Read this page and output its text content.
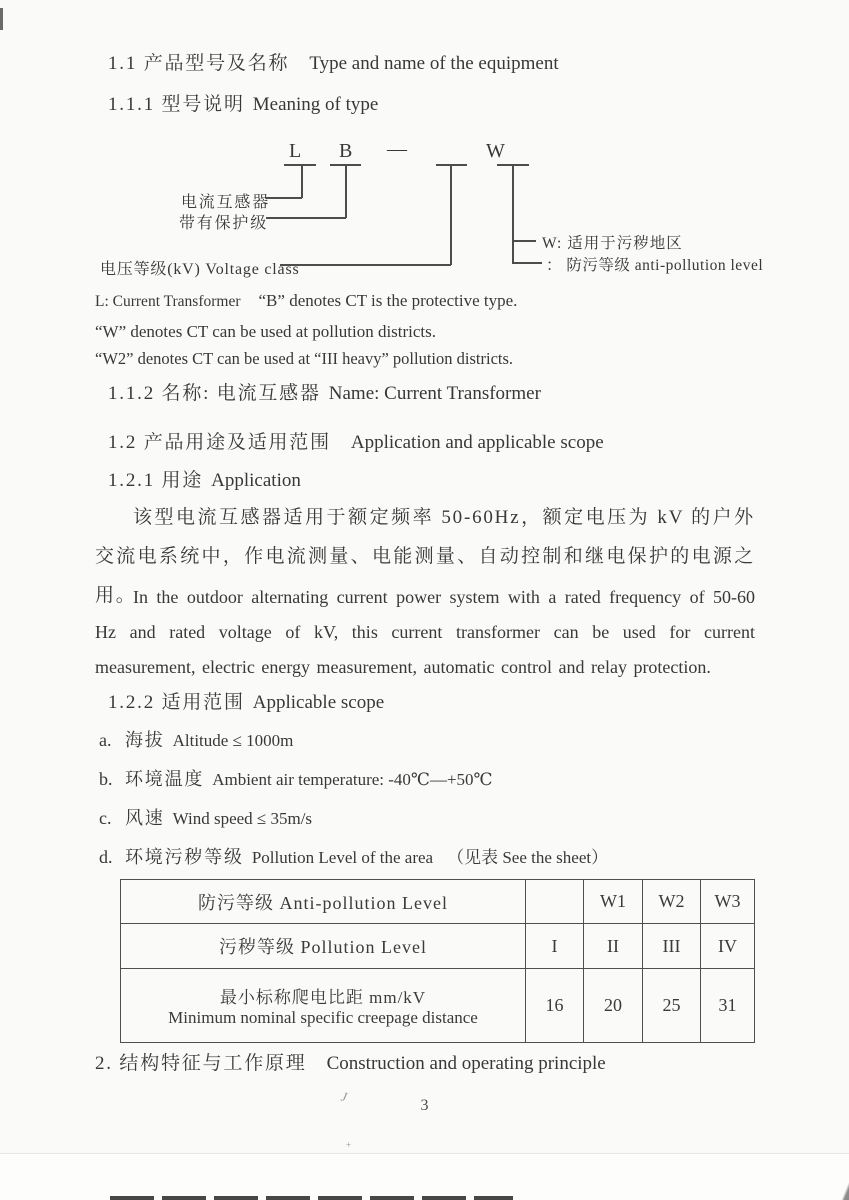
+
J
1.1 产品型号及名称 Type and name of the equipment
1.1.1 型号说明 Meaning of type
L B —	W
电流互感器
带有保护级
电压等级(kV) Voltage class
W: 适用于污秽地区
： 防污等级 anti-pollution level
L: Current Transformer “B” denotes CT is the protective type.
“W” denotes CT can be used at pollution districts.
“W2” denotes CT can be used at “III heavy” pollution districts.
1.1.2 名称: 电流互感器 Name: Current Transformer
1.2 产品用途及适用范围 Application and applicable scope
1.2.1 用途 Application
该型电流互感器适用于额定频率 50-60Hz，额定电压为 kV 的户外交流电系统中，作电流测量、电能测量、自动控制和继电保护的电源之用。
In the outdoor alternating current power system with a rated frequency of 50-60 Hz and rated voltage of kV, this current transformer can be used for current measurement, electric energy measurement, automatic control and relay protection.
1.2.2 适用范围 Applicable scope
a. 海拔 Altitude ≤ 1000m
b. 环境温度 Ambient air temperature: -40℃—+50℃
c. 风速 Wind speed ≤ 35m/s
d. 环境污秽等级 Pollution Level of the area （见表 See the sheet）
防污等级 Anti-pollution Level		W1	W2	W3
污秽等级 Pollution Level	I	II	III	IV

最小标称爬电比距 mm/kV
Minimum nominal specific creepage distance	16	20	25	31
2. 结构特征与工作原理 Construction and operating principle
3
